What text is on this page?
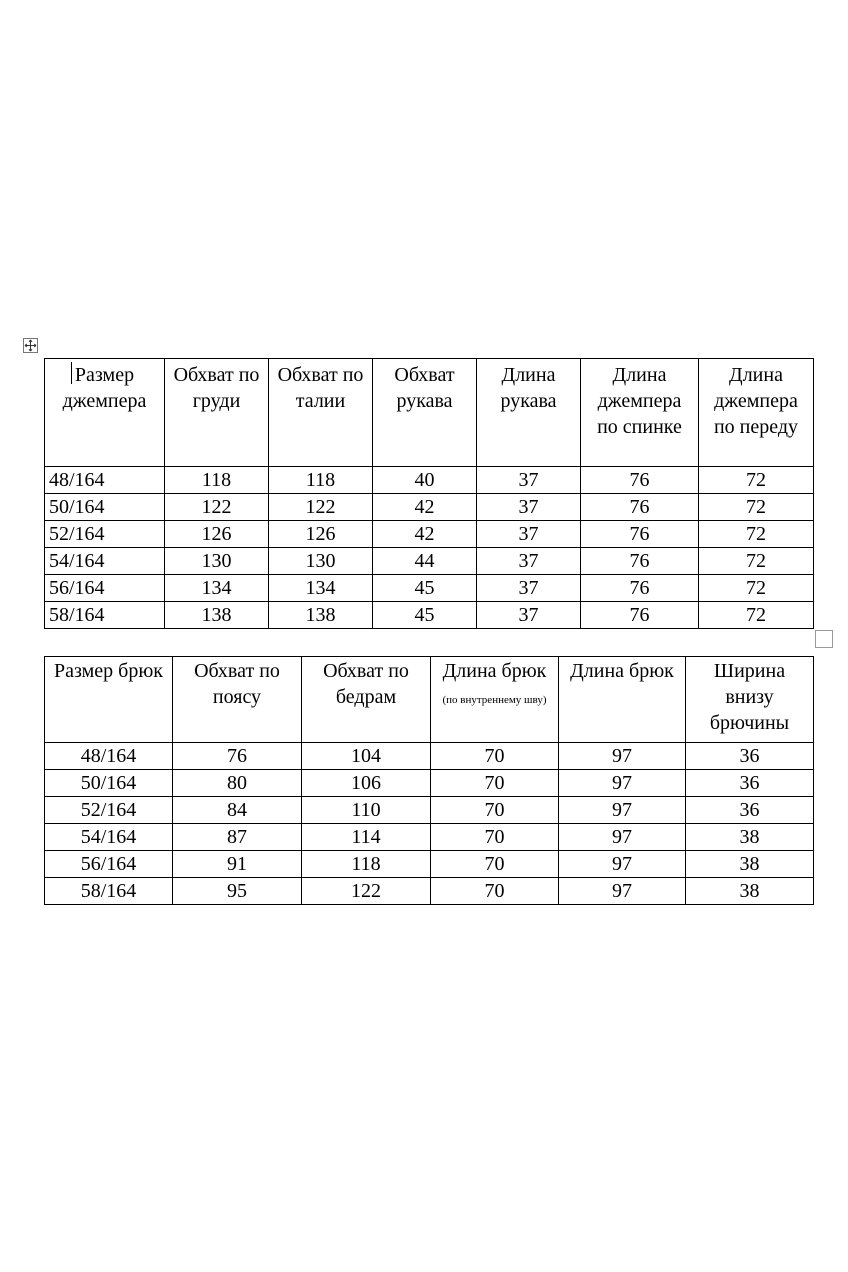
Размер джемпера	Обхват по груди	Обхват по талии	Обхват рукава	Длина рукава	Длина джемпера по спинке	Длина джемпера по переду
48/164	118	118	40	37	76	72
50/164	122	122	42	37	76	72
52/164	126	126	42	37	76	72
54/164	130	130	44	37	76	72
56/164	134	134	45	37	76	72
58/164	138	138	45	37	76	72
Размер брюк	Обхват по поясу	Обхват по бедрам	Длина брюк (по внутреннему шву)	Длина брюк	Ширина внизу брючины
48/164	76	104	70	97	36
50/164	80	106	70	97	36
52/164	84	110	70	97	36
54/164	87	114	70	97	38
56/164	91	118	70	97	38
58/164	95	122	70	97	38
